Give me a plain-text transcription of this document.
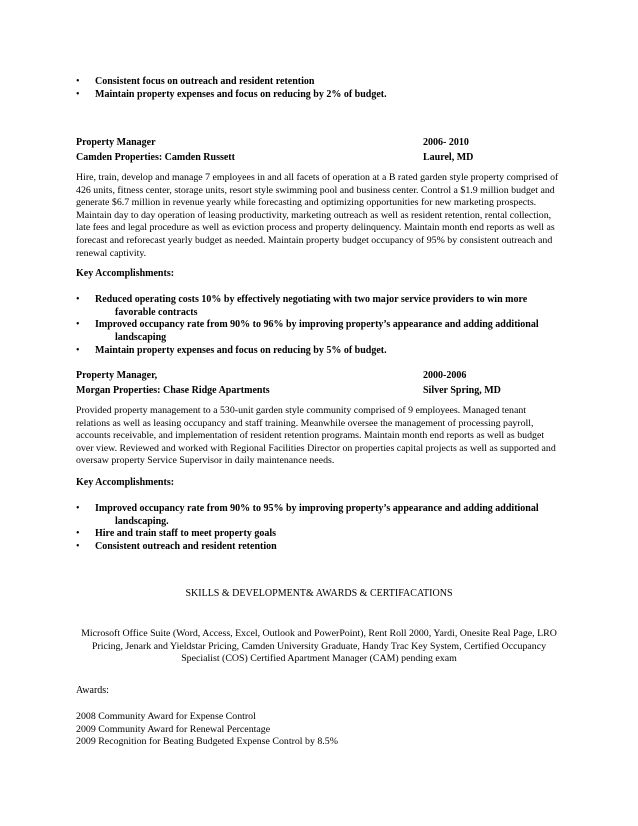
• Consistent focus on outreach and resident retention
• Maintain property expenses and focus on reducing by 2% of budget.
Property Manager	2006- 2010
Camden Properties: Camden Russett	Laurel, MD
Hire, train, develop and manage 7 employees in and all facets of operation at a B rated garden style property comprised of 426 units, fitness center, storage units, resort style swimming pool and business center. Control a $1.9 million budget and generate $6.7 million in revenue yearly while forecasting and optimizing opportunities for new marketing prospects. Maintain day to day operation of leasing productivity, marketing outreach as well as resident retention, rental collection, late fees and legal procedure as well as eviction process and property delinquency. Maintain month end reports as well as forecast and reforecast yearly budget as needed. Maintain property budget occupancy of 95% by consistent outreach and renewal captivity.
Key Accomplishments:
• Reduced operating costs 10% by effectively negotiating with two major service providers to win more
favorable contracts
• Improved occupancy rate from 90% to 96% by improving property’s appearance and adding additional
landscaping
• Maintain property expenses and focus on reducing by 5% of budget.
Property Manager,	2000-2006
Morgan Properties: Chase Ridge Apartments	Silver Spring, MD
Provided property management to a 530-unit garden style community comprised of 9 employees. Managed tenant relations as well as leasing occupancy and staff training. Meanwhile oversee the management of processing payroll, accounts receivable, and implementation of resident retention programs. Maintain month end reports as well as budget over view. Reviewed and worked with Regional Facilities Director on properties capital projects as well as supported and oversaw property Service Supervisor in daily maintenance needs.
Key Accomplishments:
• Improved occupancy rate from 90% to 95% by improving property’s appearance and adding additional
landscaping.
• Hire and train staff to meet property goals
• Consistent outreach and resident retention
SKILLS & DEVELOPMENT& AWARDS & CERTIFACATIONS
Microsoft Office Suite (Word, Access, Excel, Outlook and PowerPoint), Rent Roll 2000, Yardi, Onesite Real Page, LRO Pricing, Jenark and Yieldstar Pricing, Camden University Graduate, Handy Trac Key System, Certified Occupancy Specialist (COS) Certified Apartment Manager (CAM) pending exam
Awards:
2008 Community Award for Expense Control
2009 Community Award for Renewal Percentage
2009 Recognition for Beating Budgeted Expense Control by 8.5%
